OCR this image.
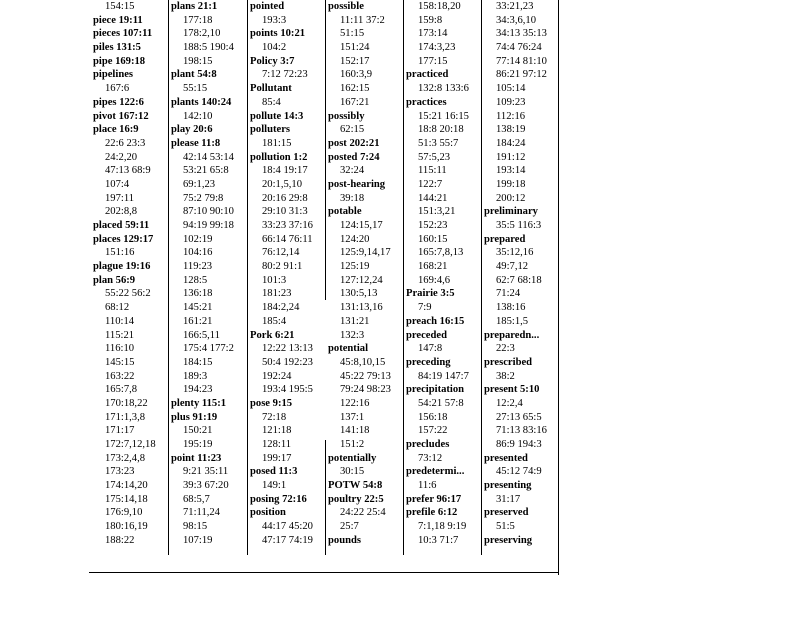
154:15
piece 19:11
pieces 107:11
piles 131:5
pipe 169:18
pipelines
167:6
pipes 122:6
pivot 167:12
place 16:9
22:6 23:3
24:2,20
47:13 68:9
107:4
197:11
202:8,8
placed 59:11
places 129:17
151:16
plague 19:16
plan 56:9
55:22 56:2
68:12
110:14
115:21
116:10
145:15
163:22
165:7,8
170:18,22
171:1,3,8
171:17
172:7,12,18
173:2,4,8
173:23
174:14,20
175:14,18
176:9,10
180:16,19
188:22
plans 21:1
177:18
178:2,10
188:5 190:4
198:15
plant 54:8
55:15
plants 140:24
142:10
play 20:6
please 11:8
42:14 53:14
53:21 65:8
69:1,23
75:2 79:8
87:10 90:10
94:19 99:18
102:19
104:16
119:23
128:5
136:18
145:21
161:21
166:5,11
175:4 177:2
184:15
189:3
194:23
plenty 115:1
plus 91:19
150:21
195:19
point 11:23
9:21 35:11
39:3 67:20
68:5,7
71:11,24
98:15
107:19
pointed
193:3
points 10:21
104:2
Policy 3:7
7:12 72:23
Pollutant
85:4
pollute 14:3
polluters
181:15
pollution 1:2
18:4 19:17
20:1,5,10
20:16 29:8
29:10 31:3
33:23 37:16
66:14 76:11
76:12,14
80:2 91:1
101:3
181:23
184:2,24
185:4
Pork 6:21
12:22 13:13
50:4 192:23
192:24
193:4 195:5
pose 9:15
72:18
121:18
128:11
199:17
posed 11:3
149:1
posing 72:16
position
44:17 45:20
47:17 74:19
possible
11:11 37:2
51:15
151:24
152:17
160:3,9
162:15
167:21
possibly
62:15
post 202:21
posted 7:24
32:24
post-hearing
39:18
potable
124:15,17
124:20
125:9,14,17
125:19
127:12,24
130:5,13
131:13,16
131:21
132:3
potential
45:8,10,15
45:22 79:13
79:24 98:23
122:16
137:1
141:18
151:2
potentially
30:15
POTW 54:8
poultry 22:5
24:22 25:4
25:7
pounds
158:18,20
159:8
173:14
174:3,23
177:15
practiced
132:8 133:6
practices
15:21 16:15
18:8 20:18
51:3 55:7
57:5,23
115:11
122:7
144:21
151:3,21
152:23
160:15
165:7,8,13
168:21
169:4,6
Prairie 3:5
7:9
preach 16:15
preceded
147:8
preceding
84:19 147:7
precipitation
54:21 57:8
156:18
157:22
precludes
73:12
predetermi...
11:6
prefer 96:17
prefile 6:12
7:1,18 9:19
10:3 71:7
33:21,23
34:3,6,10
34:13 35:13
74:4 76:24
77:14 81:10
86:21 97:12
105:14
109:23
112:16
138:19
184:24
191:12
193:14
199:18
200:12
preliminary
35:5 116:3
prepared
35:12,16
49:7,12
62:7 68:18
71:24
138:16
185:1,5
preparedn...
22:3
prescribed
38:2
present 5:10
12:2,4
27:13 65:5
71:13 83:16
86:9 194:3
presented
45:12 74:9
presenting
31:17
preserved
51:5
preserving
